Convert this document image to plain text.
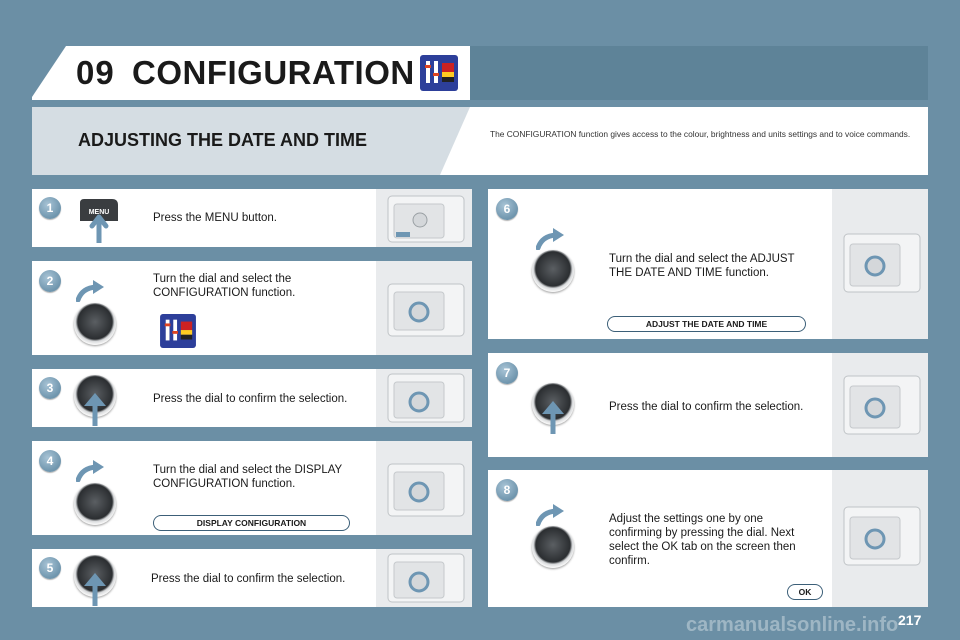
09 CONFIGURATION
ADJUSTING THE DATE AND TIME	The CONFIGURATION function gives access to the colour, brightness and units settings and to voice commands.
1	MENU	Press the MENU button.
2	Turn the dial and select the CONFIGURATION function.
3
Press the dial to confirm the selection.
4
Turn the dial and select the DISPLAY CONFIGURATION function.
DISPLAY CONFIGURATION
5
Press the dial to confirm the selection.
6
Turn the dial and select the ADJUST THE DATE AND TIME function.
ADJUST THE DATE AND TIME
7
Press the dial to confirm the selection.
8
Adjust the settings one by one confirming by pressing the dial. Next select the OK tab on the screen then confirm.
OK
carmanualsonline.info 217
